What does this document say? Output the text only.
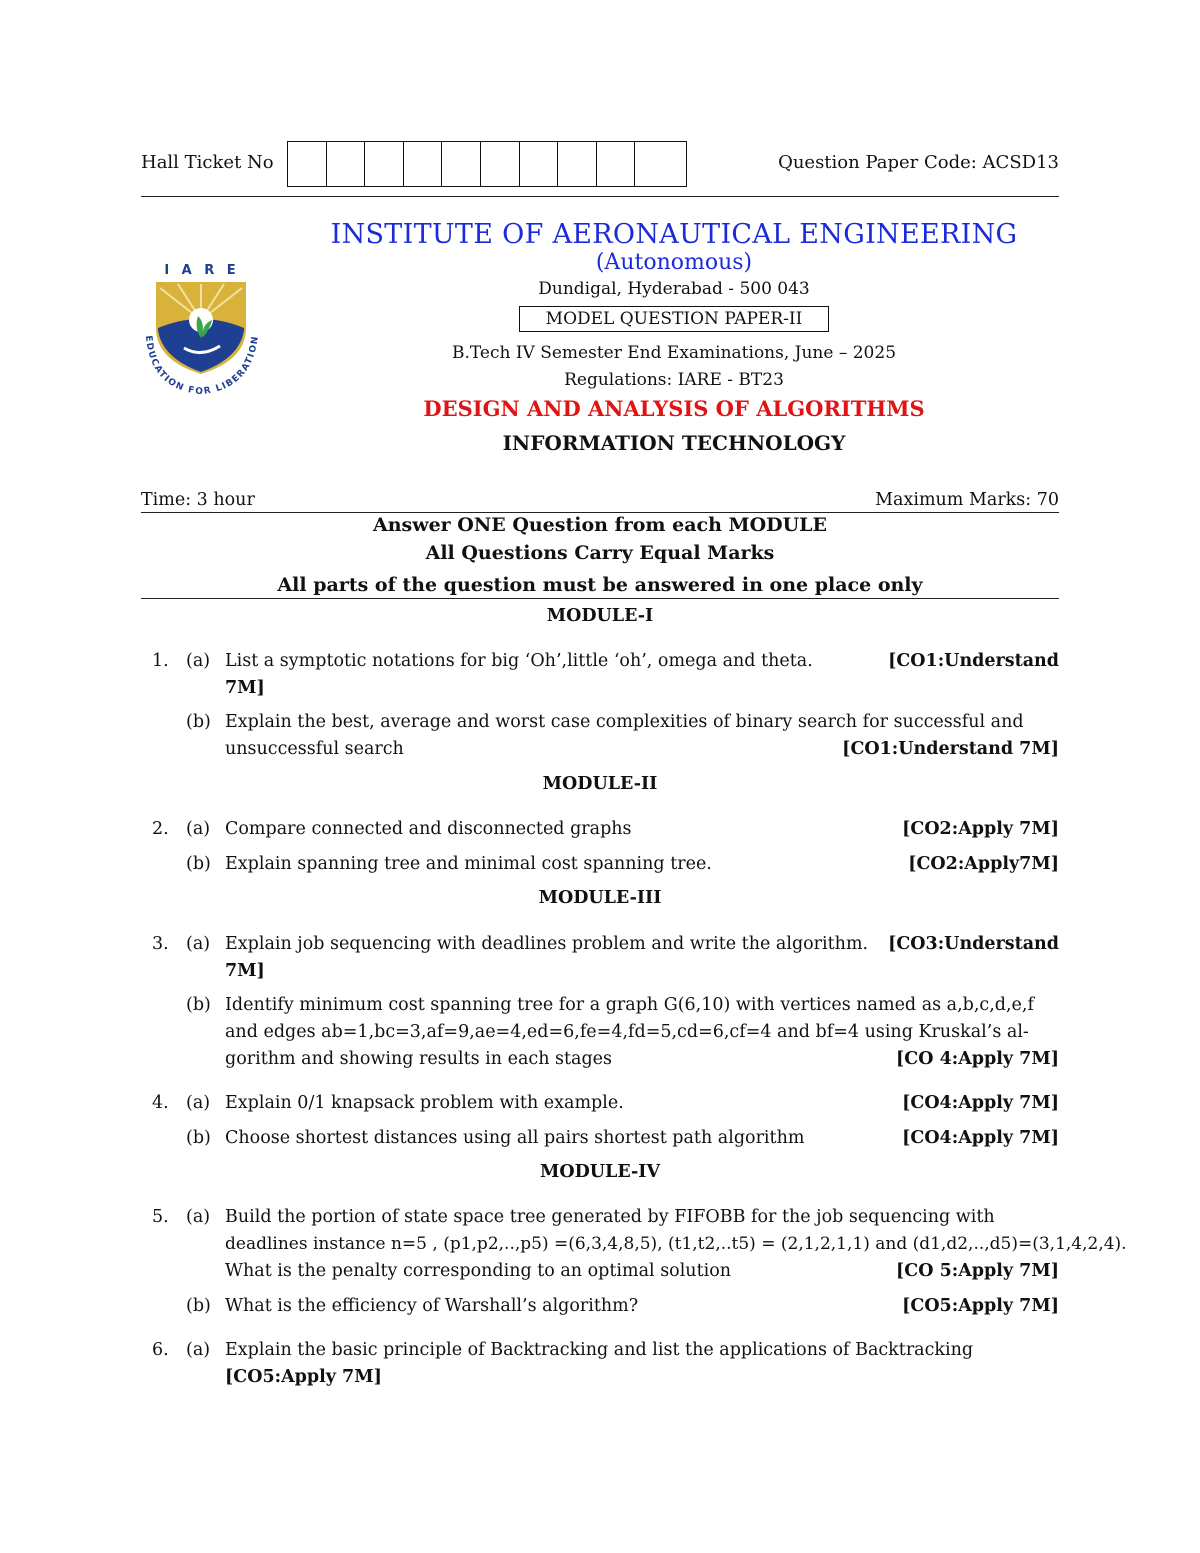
Hall Ticket No	Question Paper Code: ACSD13
I A R E
EDUCATION FOR LIBERATION
INSTITUTE OF AERONAUTICAL ENGINEERING
(Autonomous)
Dundigal, Hyderabad - 500 043
MODEL QUESTION PAPER-II
B.Tech IV Semester End Examinations, June – 2025
Regulations: IARE - BT23
DESIGN AND ANALYSIS OF ALGORITHMS
INFORMATION TECHNOLOGY
Time: 3 hour	Maximum Marks: 70
Answer ONE Question from each MODULE
All Questions Carry Equal Marks
All parts of the question must be answered in one place only
MODULE-I
1. (a) List a symptotic notations for big ‘Oh’,little ‘oh’, omega and theta.	[CO1:Understand

7M]
(b) Explain the best, average and worst case complexities of binary search for successful and
unsuccessful search	[CO1:Understand 7M]
MODULE-II
2. (a) Compare connected and disconnected graphs	[CO2:Apply 7M]
(b) Explain spanning tree and minimal cost spanning tree.	[CO2:Apply7M]
MODULE-III
3. (a) Explain job sequencing with deadlines problem and write the algorithm. [CO3:Understand

7M]
(b) Identify minimum cost spanning tree for a graph G(6,10) with vertices named as a,b,c,d,e,f
and edges ab=1,bc=3,af=9,ae=4,ed=6,fe=4,fd=5,cd=6,cf=4 and bf=4 using Kruskal’s al-
gorithm and showing results in each stages	[CO 4:Apply 7M]
4. (a) Explain 0/1 knapsack problem with example.	[CO4:Apply 7M]
(b) Choose shortest distances using all pairs shortest path algorithm	[CO4:Apply 7M]
MODULE-IV
5. (a) Build the portion of state space tree generated by FIFOBB for the job sequencing with
deadlines instance n=5 , (p1,p2,..,p5) =(6,3,4,8,5), (t1,t2,..t5) = (2,1,2,1,1) and (d1,d2,..,d5)=(3,1,4,2,4).
What is the penalty corresponding to an optimal solution	[CO 5:Apply 7M]
(b) What is the efficiency of Warshall’s algorithm?	[CO5:Apply 7M]
6. (a) Explain the basic principle of Backtracking and list the applications of Backtracking
[CO5:Apply 7M]
